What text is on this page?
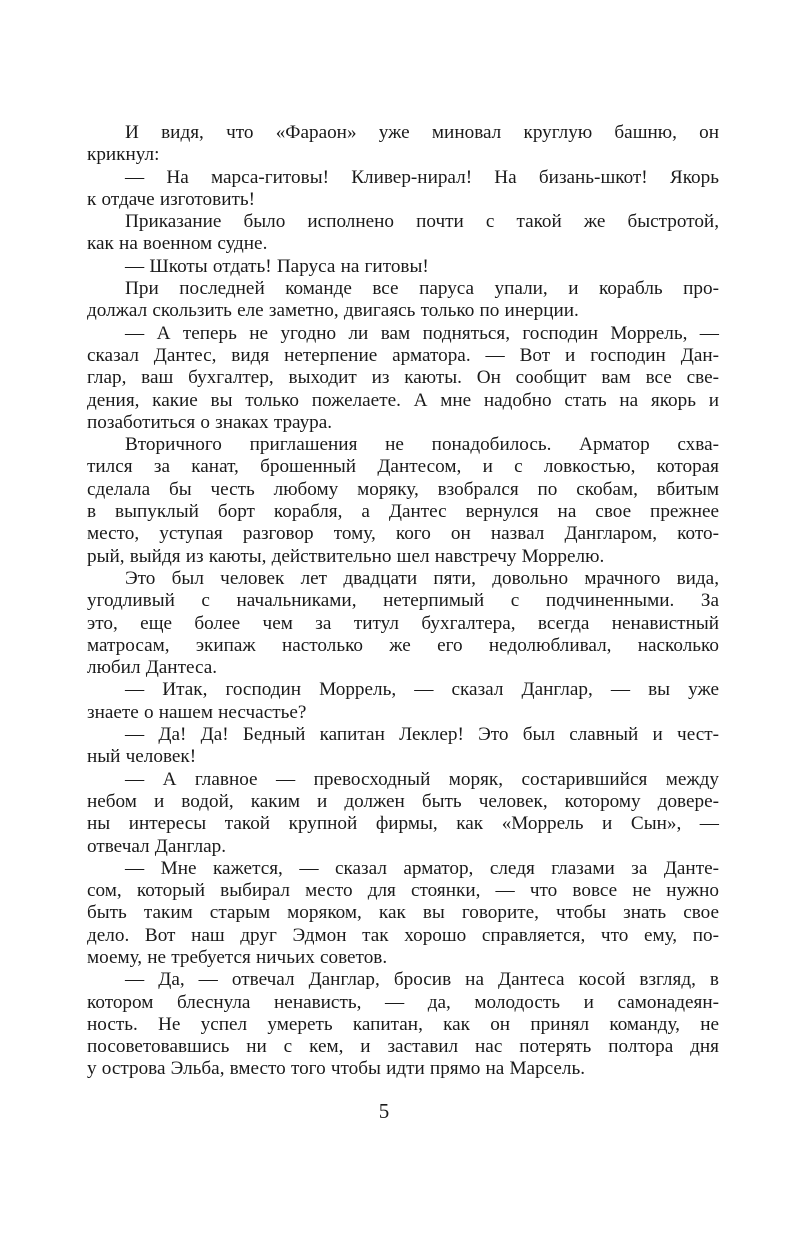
И видя, что «Фараон» уже миновал круглую башню, он
крикнул:

— На марса-гитовы! Кливер-нирал! На бизань-шкот! Якорь
к отдаче изготовить!

Приказание было исполнено почти с такой же быстротой,
как на военном судне.

— Шкоты отдать! Паруса на гитовы!

При последней команде все паруса упали, и корабль про-
должал скользить еле заметно, двигаясь только по инерции.

— А теперь не угодно ли вам подняться, господин Моррель, —
сказал Дантес, видя нетерпение арматора. — Вот и господин Дан-
глар, ваш бухгалтер, выходит из каюты. Он сообщит вам все све-
дения, какие вы только пожелаете. А мне надобно стать на якорь и
позаботиться о знаках траура.

Вторичного приглашения не понадобилось. Арматор схва-
тился за канат, брошенный Дантесом, и с ловкостью, которая
сделала бы честь любому моряку, взобрался по скобам, вбитым
в выпуклый борт корабля, а Дантес вернулся на свое прежнее
место, уступая разговор тому, кого он назвал Дангларом, кото-
рый, выйдя из каюты, действительно шел навстречу Моррелю.

Это был человек лет двадцати пяти, довольно мрачного вида,
угодливый с начальниками, нетерпимый с подчиненными. За
это, еще более чем за титул бухгалтера, всегда ненавистный
матросам, экипаж настолько же его недолюбливал, насколько
любил Дантеса.

— Итак, господин Моррель, — сказал Данглар, — вы уже
знаете о нашем несчастье?

— Да! Да! Бедный капитан Леклер! Это был славный и чест-
ный человек!

— А главное — превосходный моряк, состарившийся между
небом и водой, каким и должен быть человек, которому довере-
ны интересы такой крупной фирмы, как «Моррель и Сын», —
отвечал Данглар.

— Мне кажется, — сказал арматор, следя глазами за Данте-
сом, который выбирал место для стоянки, — что вовсе не нужно
быть таким старым моряком, как вы говорите, чтобы знать свое
дело. Вот наш друг Эдмон так хорошо справляется, что ему, по-
моему, не требуется ничьих советов.

— Да, — отвечал Данглар, бросив на Дантеса косой взгляд, в
котором блеснула ненависть, — да, молодость и самонадеян-
ность. Не успел умереть капитан, как он принял команду, не
посоветовавшись ни с кем, и заставил нас потерять полтора дня
у острова Эльба, вместо того чтобы идти прямо на Марсель.

5
